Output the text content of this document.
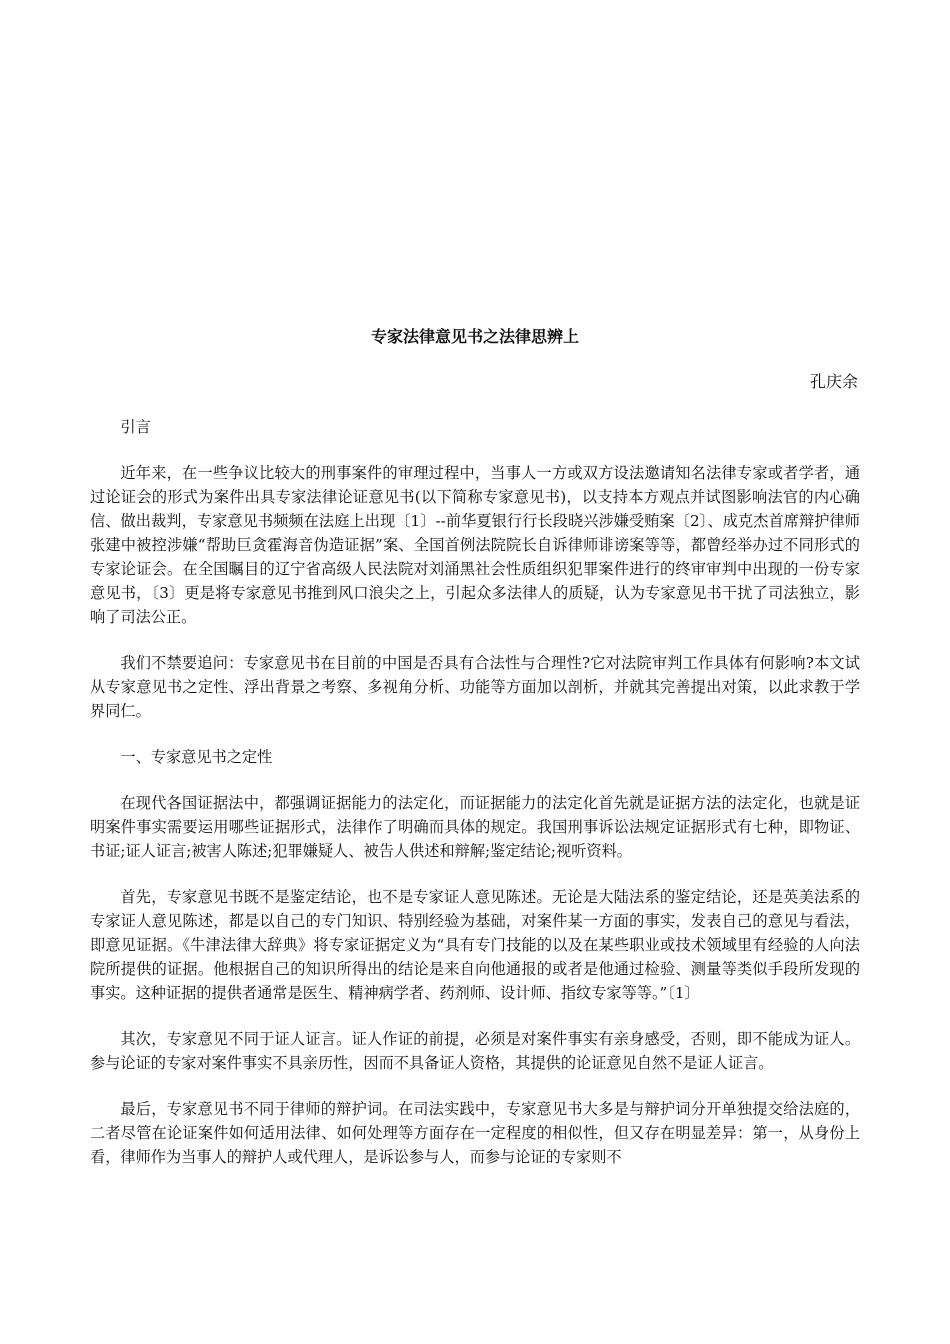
专家法律意见书之法律思辨上
孔庆余

引言

近年来，在一些争议比较大的刑事案件的审理过程中，当事人一方或双方设法邀请知名法律专家或者学者，通过论证会的形式为案件出具专家法律论证意见书(以下简称专家意见书)，以支持本方观点并试图影响法官的内心确信、做出裁判，专家意见书频频在法庭上出现〔1〕--前华夏银行行长段晓兴涉嫌受贿案〔2〕、成克杰首席辩护律师张建中被控涉嫌“帮助巨贪霍海音伪造证据”案、全国首例法院院长自诉律师诽谤案等等，都曾经举办过不同形式的专家论证会。在全国瞩目的辽宁省高级人民法院对刘涌黑社会性质组织犯罪案件进行的终审审判中出现的一份专家意见书，〔3〕更是将专家意见书推到风口浪尖之上，引起众多法律人的质疑，认为专家意见书干扰了司法独立，影响了司法公正。

我们不禁要追问：专家意见书在目前的中国是否具有合法性与合理性?它对法院审判工作具体有何影响?本文试从专家意见书之定性、浮出背景之考察、多视角分析、功能等方面加以剖析，并就其完善提出对策，以此求教于学界同仁。

一、专家意见书之定性

在现代各国证据法中，都强调证据能力的法定化，而证据能力的法定化首先就是证据方法的法定化，也就是证明案件事实需要运用哪些证据形式，法律作了明确而具体的规定。我国刑事诉讼法规定证据形式有七种，即物证、书证;证人证言;被害人陈述;犯罪嫌疑人、被告人供述和辩解;鉴定结论;视听资料。

首先，专家意见书既不是鉴定结论，也不是专家证人意见陈述。无论是大陆法系的鉴定结论，还是英美法系的专家证人意见陈述，都是以自己的专门知识、特别经验为基础，对案件某一方面的事实，发表自己的意见与看法，即意见证据。《牛津法律大辞典》将专家证据定义为“具有专门技能的以及在某些职业或技术领域里有经验的人向法院所提供的证据。他根据自己的知识所得出的结论是来自向他通报的或者是他通过检验、测量等类似手段所发现的事实。这种证据的提供者通常是医生、精神病学者、药剂师、设计师、指纹专家等等。”〔1〕

其次，专家意见不同于证人证言。证人作证的前提，必须是对案件事实有亲身感受，否则，即不能成为证人。参与论证的专家对案件事实不具亲历性，因而不具备证人资格，其提供的论证意见自然不是证人证言。

最后，专家意见书不同于律师的辩护词。在司法实践中，专家意见书大多是与辩护词分开单独提交给法庭的，二者尽管在论证案件如何适用法律、如何处理等方面存在一定程度的相似性，但又存在明显差异：第一，从身份上看，律师作为当事人的辩护人或代理人，是诉讼参与人，而参与论证的专家则不
